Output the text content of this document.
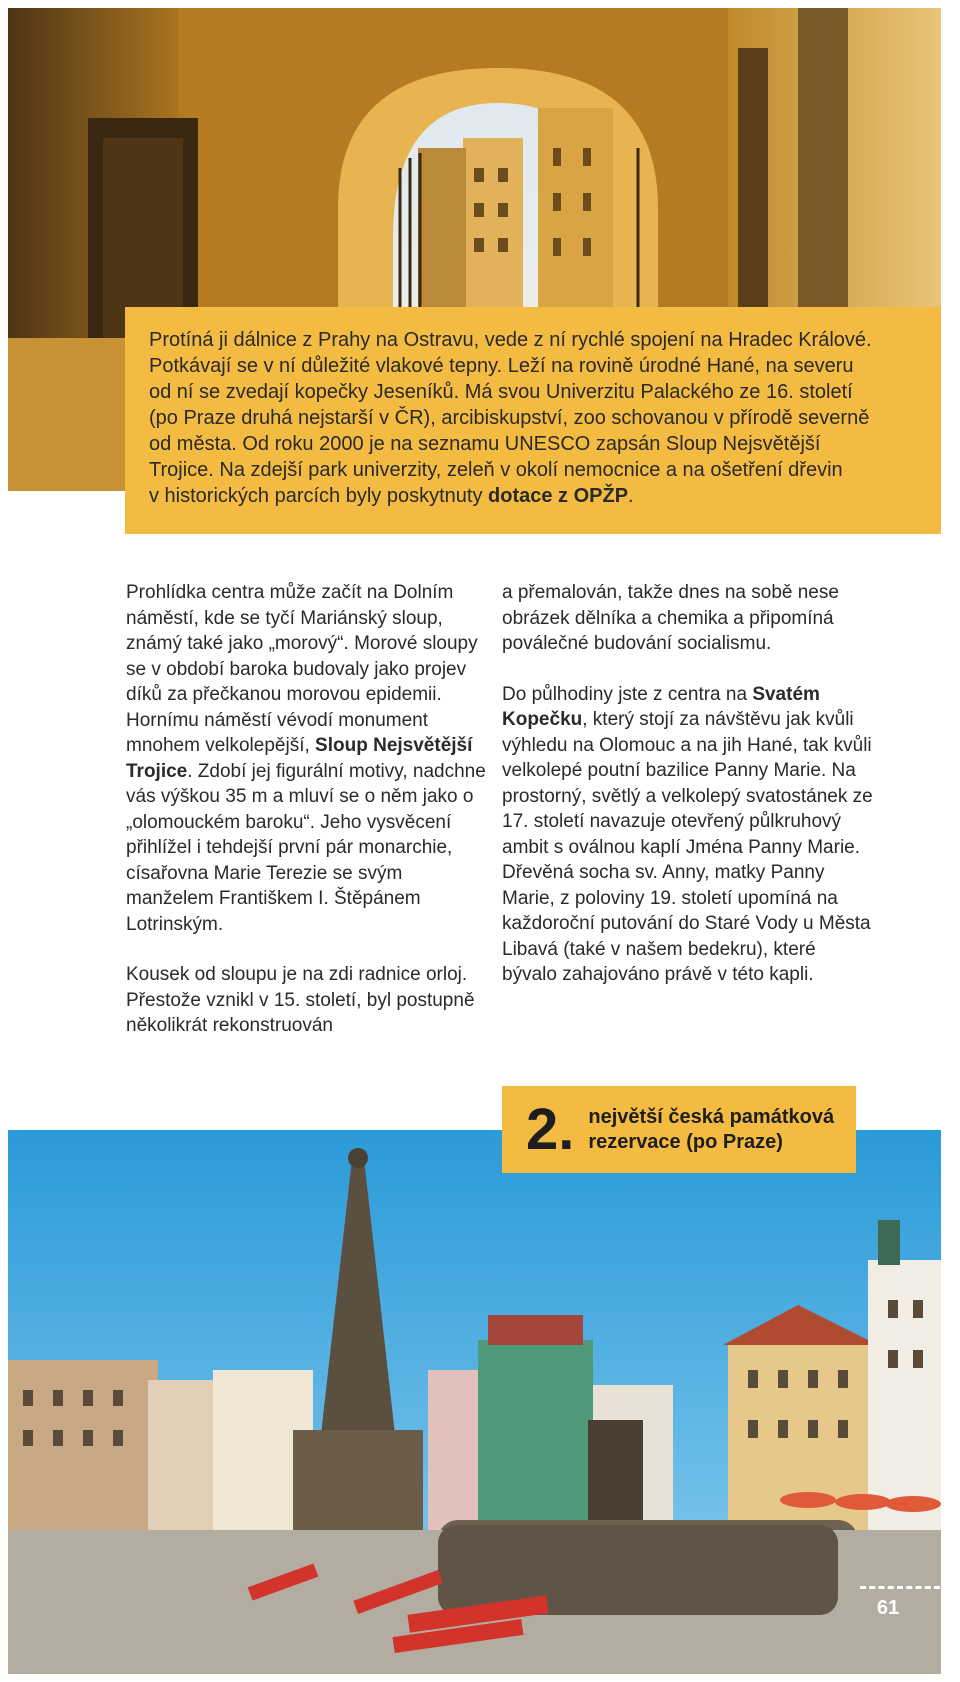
Protíná ji dálnice z Prahy na Ostravu, vede z ní rychlé spojení na Hradec Králové.
Potkávají se v ní důležité vlakové tepny. Leží na rovině úrodné Hané, na severu
od ní se zvedají kopečky Jeseníků. Má svou Univerzitu Palackého ze 16. století
(po Praze druhá nejstarší v ČR), arcibiskupství, zoo schovanou v přírodě severně
od města. Od roku 2000 je na seznamu UNESCO zapsán Sloup Nejsvětější
Trojice. Na zdejší park univerzity, zeleň v okolí nemocnice a na ošetření dřevin
v historických parcích byly poskytnuty dotace z OPŽP.

Prohlídka centra může začít na Dolním náměstí, kde se tyčí Mariánský sloup, známý také jako „morový“. Morové sloupy se v období baroka budovaly jako projev díků za přečkanou morovou epidemii. Hornímu náměstí vévodí monument mnohem velkolepější, Sloup Nejsvětější Trojice. Zdobí jej figurální motivy, nadchne vás výškou 35 m a mluví se o něm jako o „olomouckém baroku“. Jeho vysvěcení přihlížel i tehdejší první pár monarchie, císařovna Marie Terezie se svým manželem Františkem I. Štěpánem Lotrinským.

Kousek od sloupu je na zdi radnice orloj. Přestože vznikl v 15. století, byl postupně několikrát rekonstruován

a přemalován, takže dnes na sobě nese obrázek dělníka a chemika a připomíná poválečné budování socialismu.

Do půlhodiny jste z centra na Svatém Kopečku, který stojí za návštěvu jak kvůli výhledu na Olomouc a na jih Hané, tak kvůli velkolepé poutní bazilice Panny Marie. Na prostorný, světlý a velkolepý svatostánek ze 17. století navazuje otevřený půlkruhový ambit s oválnou kaplí Jména Panny Marie. Dřevěná socha sv. Anny, matky Panny Marie, z poloviny 19. století upomíná na každoroční putování do Staré Vody u Města Libavá (také v našem bedekru), které bývalo zahajováno právě v této kapli.

2. největší česká památková
rezervace (po Praze)
61
